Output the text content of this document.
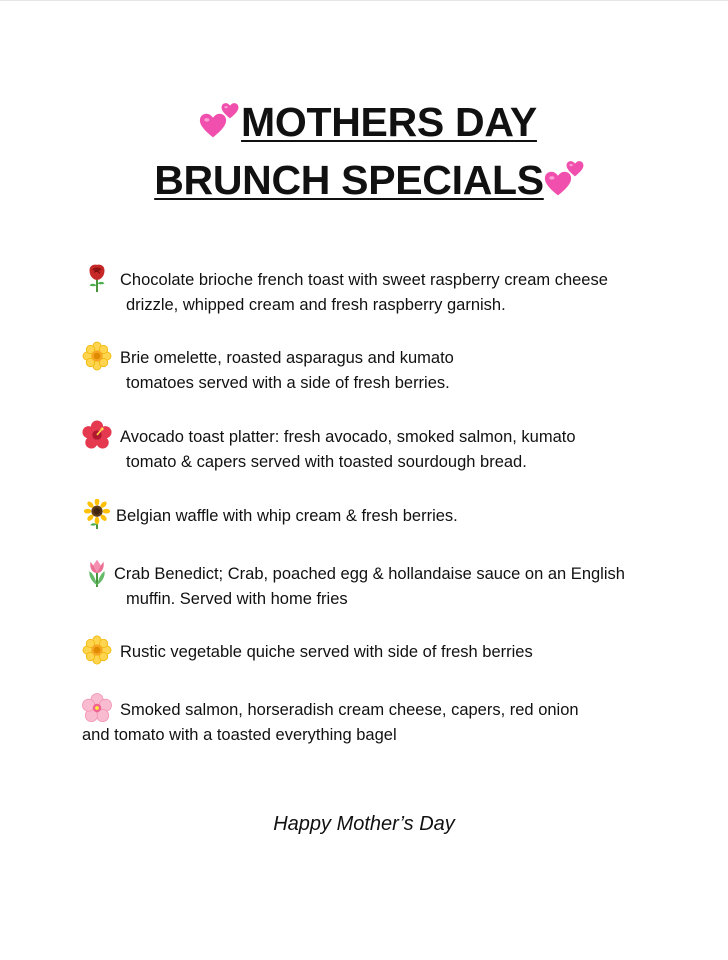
MOTHERS DAY
BRUNCH SPECIALS
Chocolate brioche french toast with sweet raspberry cream cheese
drizzle, whipped cream and fresh raspberry garnish.
Brie omelette, roasted asparagus and kumato
tomatoes served with a side of fresh berries.
Avocado toast platter: fresh avocado, smoked salmon, kumato
tomato & capers served with toasted sourdough bread.
Belgian waffle with whip cream & fresh berries.
Crab Benedict; Crab, poached egg & hollandaise sauce on an English
muffin. Served with home fries
Rustic vegetable quiche served with side of fresh berries
Smoked salmon, horseradish cream cheese, capers, red onion
and tomato with a toasted everything bagel
Happy Mother’s Day
